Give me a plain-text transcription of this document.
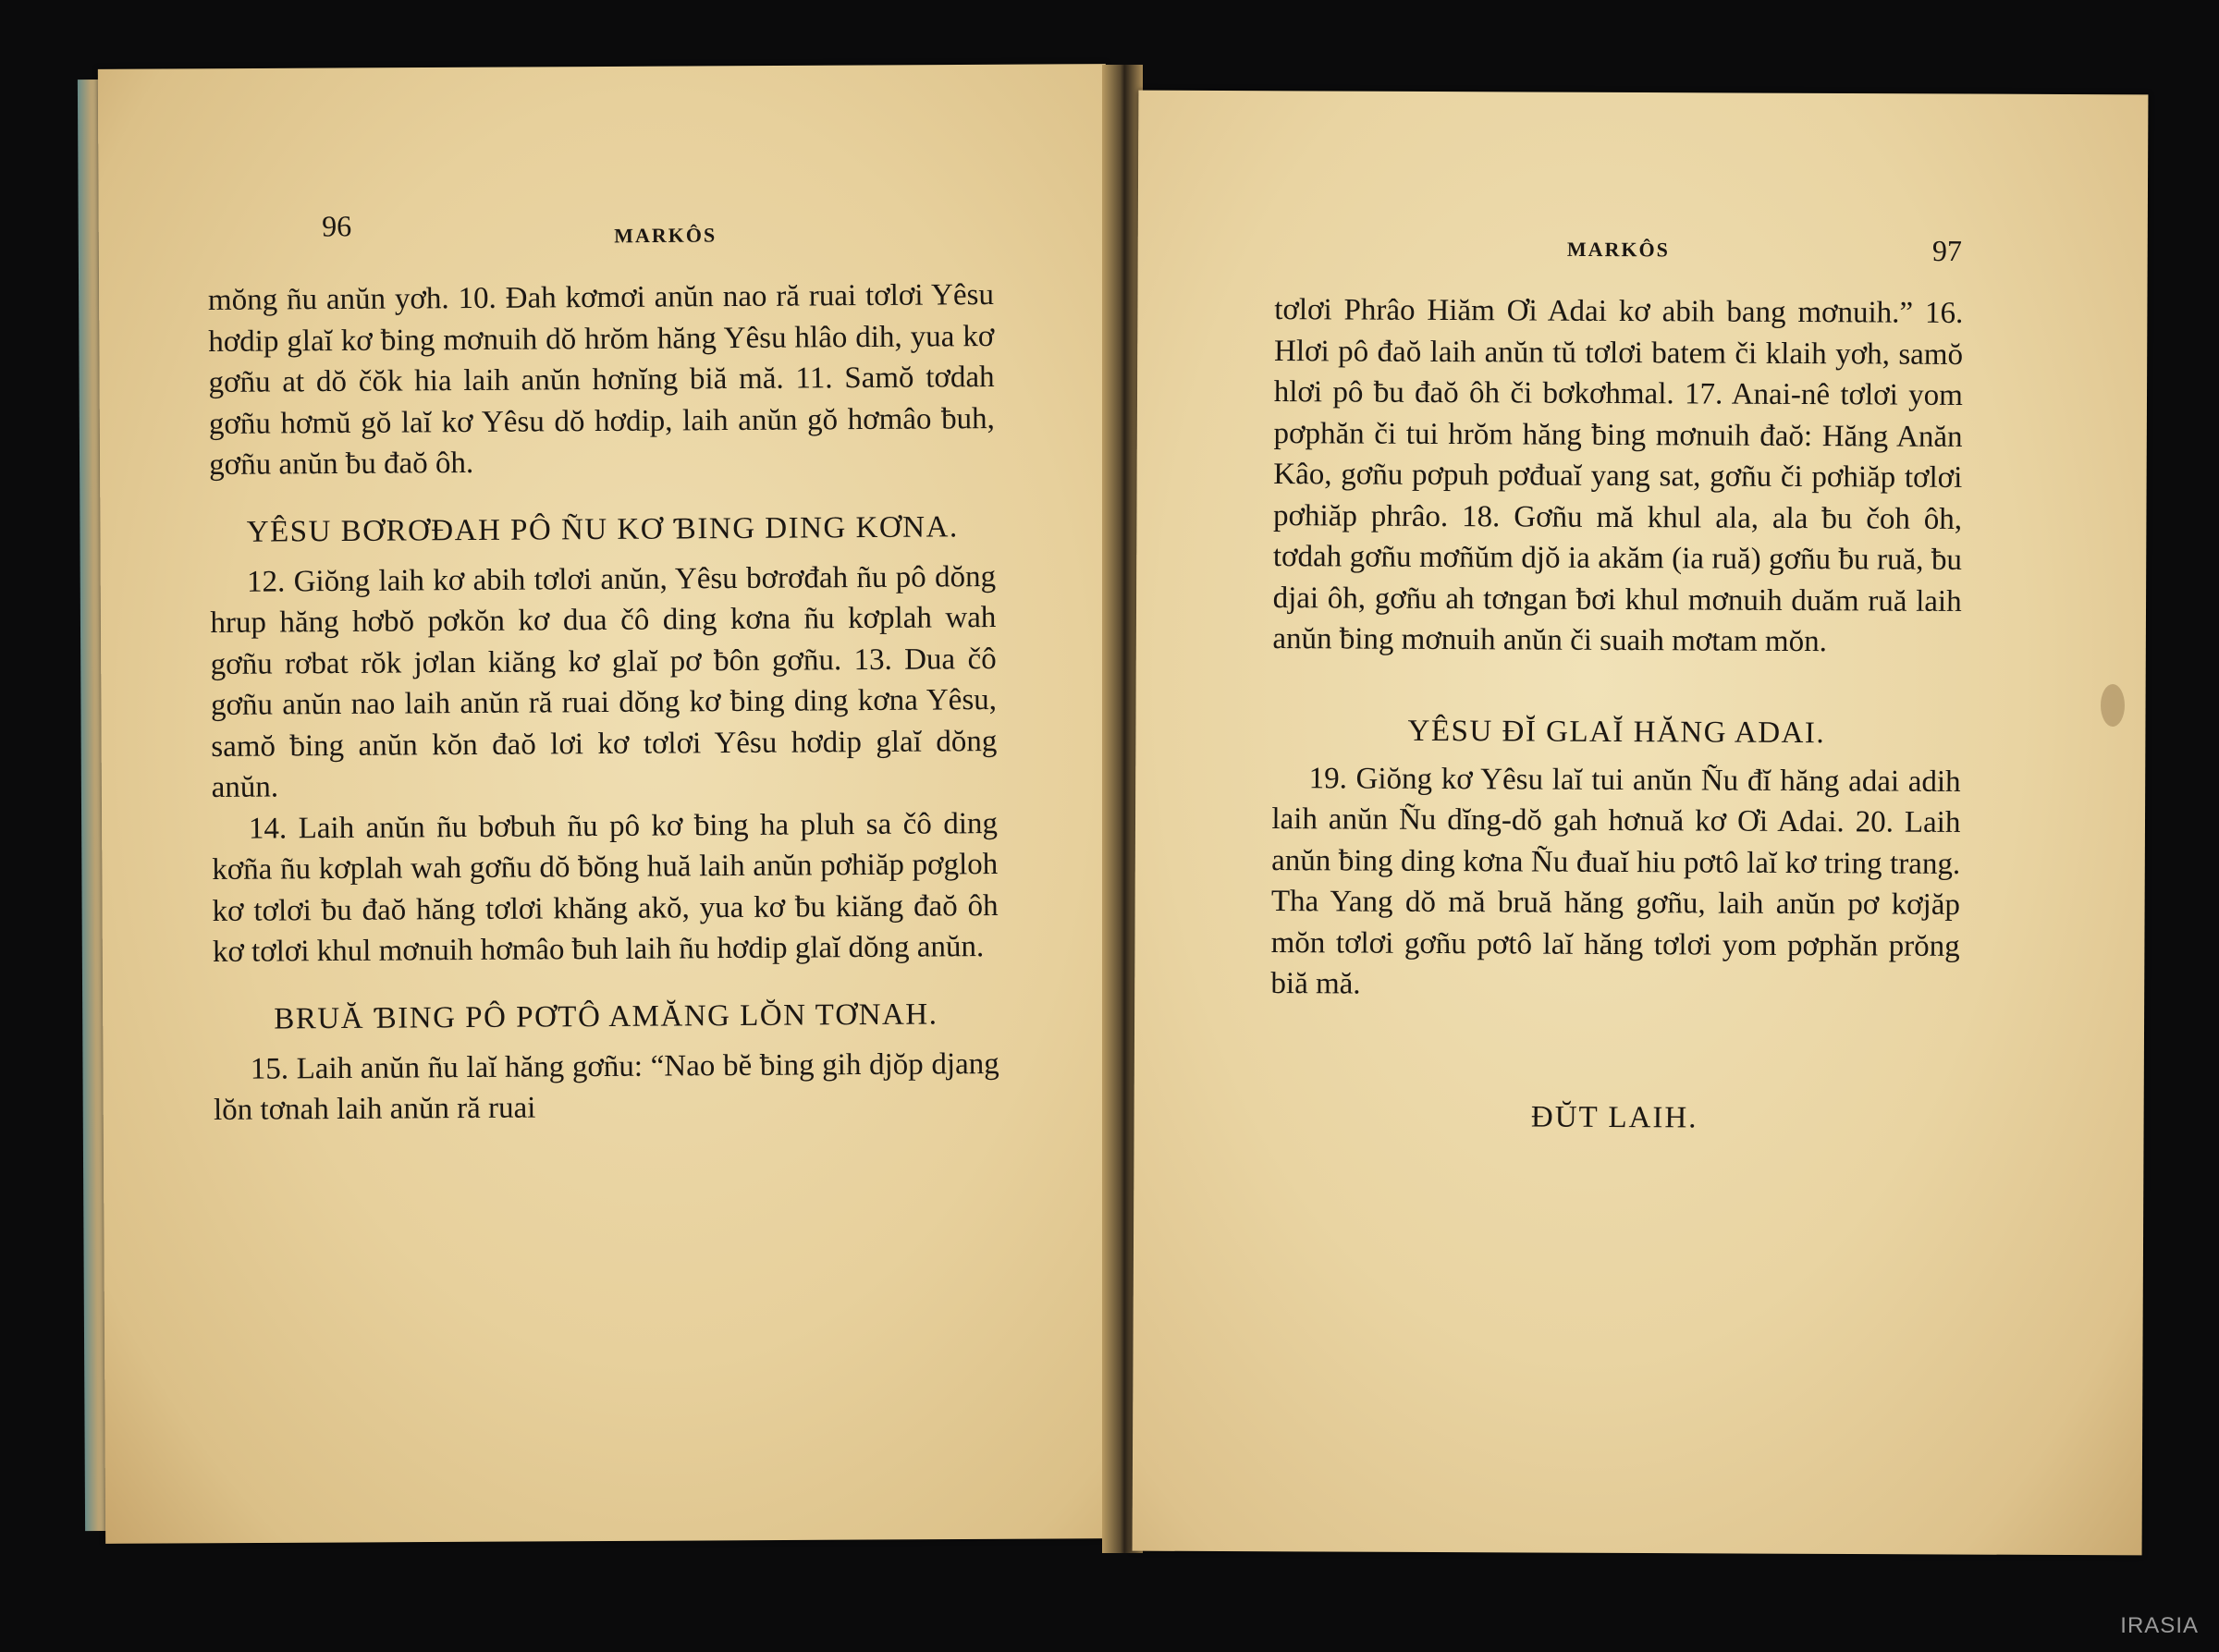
96	MARKÔS

mŏng ñu anŭn yơh. 10. Đah kơmơi anŭn nao ră ruai tơlơi Yêsu hơdip glaĭ kơ ƀing mơnuih dŏ hrŏm hăng Yêsu hlâo dih, yua kơ gơñu at dŏ čŏk hia laih anŭn hơnĭng biă mă. 11. Samŏ tơdah gơñu hơmŭ gŏ laĭ kơ Yêsu dŏ hơdip, laih anŭn gŏ hơmâo ƀuh, gơñu anŭn ƀu đaŏ ôh.

YÊSU BƠRƠĐAH PÔ ÑU KƠ ƁING DING KƠNA.

12. Giŏng laih kơ abih tơlơi anŭn, Yêsu bơrơđah ñu pô dŏng hrup hăng hơbŏ pơkŏn kơ dua čô ding kơna ñu kơplah wah gơñu rơbat rŏk jơlan kiăng kơ glaĭ pơ ƀôn gơñu. 13. Dua čô gơñu anŭn nao laih anŭn ră ruai dŏng kơ ƀing ding kơna Yêsu, samŏ ƀing anŭn kŏn đaŏ lơi kơ tơlơi Yêsu hơdip glaĭ dŏng anŭn.

14. Laih anŭn ñu bơbuh ñu pô kơ ƀing ha pluh sa čô ding kơña ñu kơplah wah gơñu dŏ ƀŏng huă laih anŭn pơhiăp pơgloh kơ tơlơi ƀu đaŏ hăng tơlơi khăng akŏ, yua kơ ƀu kiăng đaŏ ôh kơ tơlơi khul mơnuih hơmâo ƀuh laih ñu hơdip glaĭ dŏng anŭn.

BRUĂ ƁING PÔ PƠTÔ AMĂNG LŎN TƠNAH.

15. Laih anŭn ñu laĭ hăng gơñu: “Nao bĕ ƀing gih djŏp djang lŏn tơnah laih anŭn ră ruai

MARKÔS	97

tơlơi Phrâo Hiăm Ơi Adai kơ abih bang mơnuih.” 16. Hlơi pô đaŏ laih anŭn tŭ tơlơi batem či klaih yơh, samŏ hlơi pô ƀu đaŏ ôh či bơkơhmal. 17. Anai-nê tơlơi yom pơphăn či tui hrŏm hăng ƀing mơnuih đaŏ: Hăng Anăn Kâo, gơñu pơpuh pơđuaĭ yang sat, gơñu či pơhiăp tơlơi pơhiăp phrâo. 18. Gơñu mă khul ala, ala ƀu čoh ôh, tơdah gơñu mơñŭm djŏ ia akăm (ia ruă) gơñu ƀu ruă, ƀu djai ôh, gơñu ah tơngan ƀơi khul mơnuih duăm ruă laih anŭn ƀing mơnuih anŭn či suaih mơtam mŏn.

YÊSU ĐĬ GLAĬ HĂNG ADAI.

19. Giŏng kơ Yêsu laĭ tui anŭn Ñu đĭ hăng adai adih laih anŭn Ñu dĭng-dŏ gah hơnuă kơ Ơi Adai. 20. Laih anŭn ƀing ding kơna Ñu đuaĭ hiu pơtô laĭ kơ tring trang. Tha Yang dŏ mă bruă hăng gơñu, laih anŭn pơ kơjăp mŏn tơlơi gơñu pơtô laĭ hăng tơlơi yom pơphăn prŏng biă mă.

ĐŬT LAIH.
IRASIA
